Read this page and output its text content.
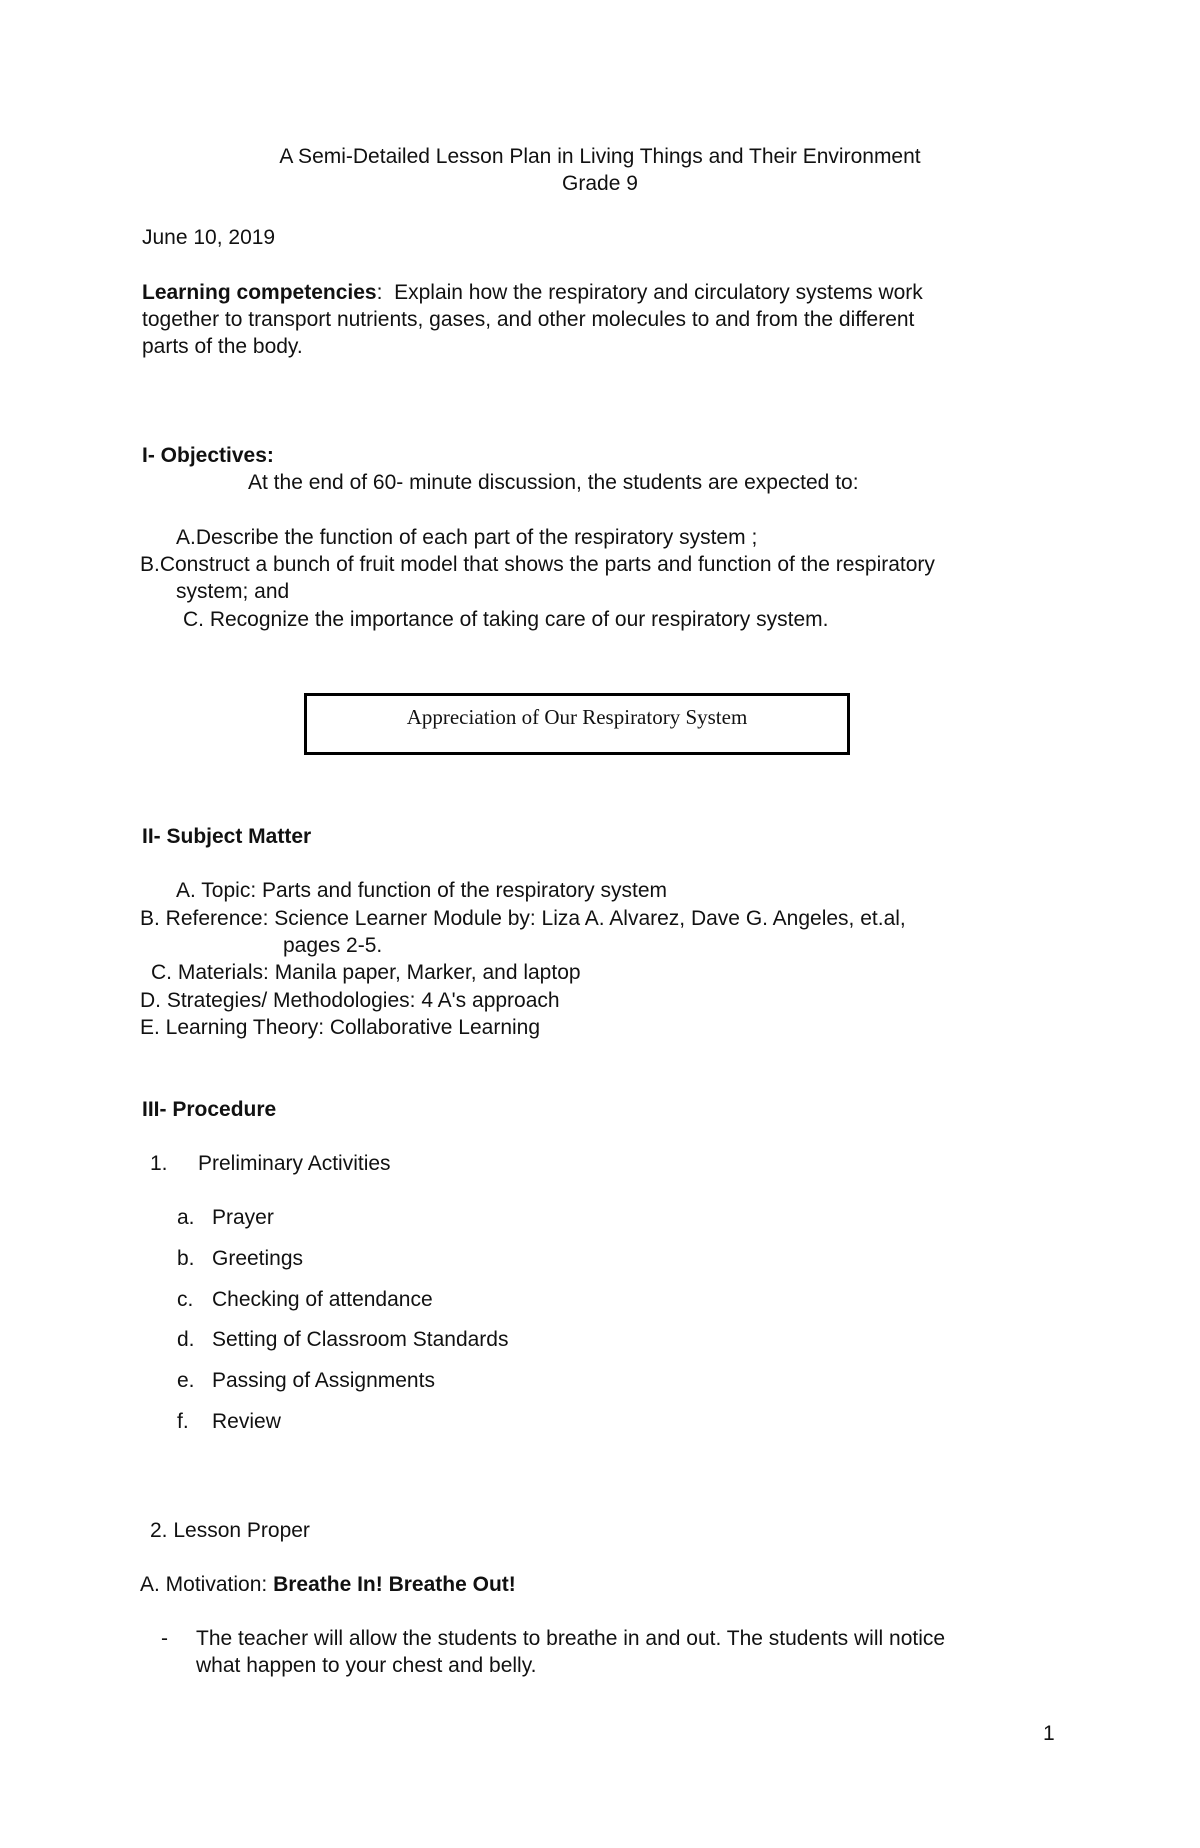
A Semi-Detailed Lesson Plan in Living Things and Their Environment
Grade 9
June 10, 2019
Learning competencies: Explain how the respiratory and circulatory systems work
together to transport nutrients, gases, and other molecules to and from the different
parts of the body.
I- Objectives:
At the end of 60- minute discussion, the students are expected to:
A.Describe the function of each part of the respiratory system ;
B.Construct a bunch of fruit model that shows the parts and function of the respiratory
system; and
C. Recognize the importance of taking care of our respiratory system.
Appreciation of Our Respiratory System
II- Subject Matter
A. Topic: Parts and function of the respiratory system
B. Reference: Science Learner Module by: Liza A. Alvarez, Dave G. Angeles, et.al,
pages 2-5.
C. Materials: Manila paper, Marker, and laptop
D. Strategies/ Methodologies: 4 A's approach
E. Learning Theory: Collaborative Learning
III- Procedure
1. Preliminary Activities
a. Prayer
b. Greetings
c. Checking of attendance
d. Setting of Classroom Standards
e. Passing of Assignments
f. Review
2. Lesson Proper
A. Motivation: Breathe In! Breathe Out!
- The teacher will allow the students to breathe in and out. The students will notice
what happen to your chest and belly.
1
